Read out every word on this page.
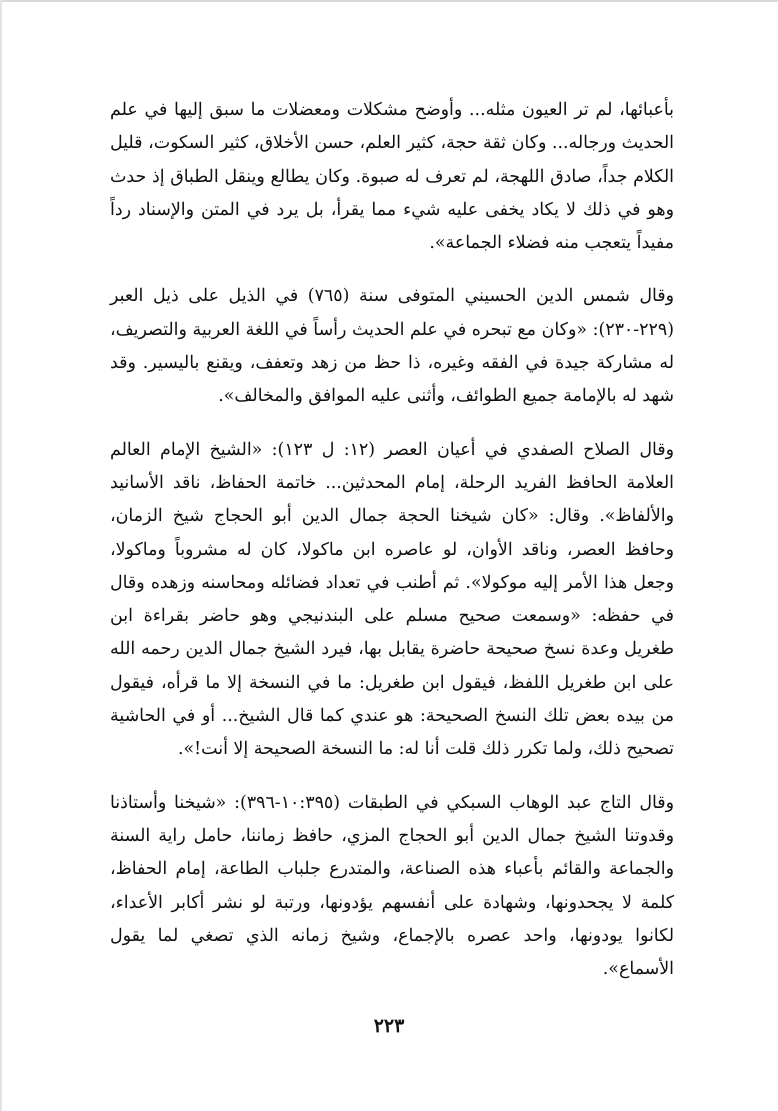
بأعبائها، لم تر العيون مثله... وأوضح مشكلات ومعضلات ما سبق إليها في علم الحديث ورجاله... وكان ثقة حجة، كثير العلم، حسن الأخلاق، كثير السكوت، قليل الكلام جداً، صادق اللهجة، لم تعرف له صبوة. وكان يطالع وينقل الطباق إذ حدث وهو في ذلك لا يكاد يخفى عليه شيء مما يقرأ، بل يرد في المتن والإسناد رداً مفيداً يتعجب منه فضلاء الجماعة».

وقال شمس الدين الحسيني المتوفى سنة (٧٦٥) في الذيل على ذيل العبر (٢٢٩-٢٣٠): «وكان مع تبحره في علم الحديث رأساً في اللغة العربية والتصريف، له مشاركة جيدة في الفقه وغيره، ذا حظ من زهد وتعفف، ويقنع باليسير. وقد شهد له بالإمامة جميع الطوائف، وأثنى عليه الموافق والمخالف».

وقال الصلاح الصفدي في أعيان العصر (١٢: ل ١٢٣): «الشيخ الإمام العالم العلامة الحافظ الفريد الرحلة، إمام المحدثين... خاتمة الحفاظ، ناقد الأسانيد والألفاظ». وقال: «كان شيخنا الحجة جمال الدين أبو الحجاج شيخ الزمان، وحافظ العصر، وناقد الأوان، لو عاصره ابن ماكولا، كان له مشروباً وماكولا، وجعل هذا الأمر إليه موكولا». ثم أطنب في تعداد فضائله ومحاسنه وزهده وقال في حفظه: «وسمعت صحيح مسلم على البندنيجي وهو حاضر بقراءة ابن طغريل وعدة نسخ صحيحة حاضرة يقابل بها، فيرد الشيخ جمال الدين رحمه الله على ابن طغريل اللفظ، فيقول ابن طغريل: ما في النسخة إلا ما قرأه، فيقول من بيده بعض تلك النسخ الصحيحة: هو عندي كما قال الشيخ... أو في الحاشية تصحيح ذلك، ولما تكرر ذلك قلت أنا له: ما النسخة الصحيحة إلا أنت!».

وقال التاج عبد الوهاب السبكي في الطبقات (١٠:٣٩٥-٣٩٦): «شيخنا وأستاذنا وقدوتنا الشيخ جمال الدين أبو الحجاج المزي، حافظ زماننا، حامل راية السنة والجماعة والقائم بأعباء هذه الصناعة، والمتدرع جلباب الطاعة، إمام الحفاظ، كلمة لا يجحدونها، وشهادة على أنفسهم يؤدونها، ورتبة لو نشر أكابر الأعداء، لكانوا يودونها، واحد عصره بالإجماع، وشيخ زمانه الذي تصغي لما يقول الأسماع».

٢٢٣
